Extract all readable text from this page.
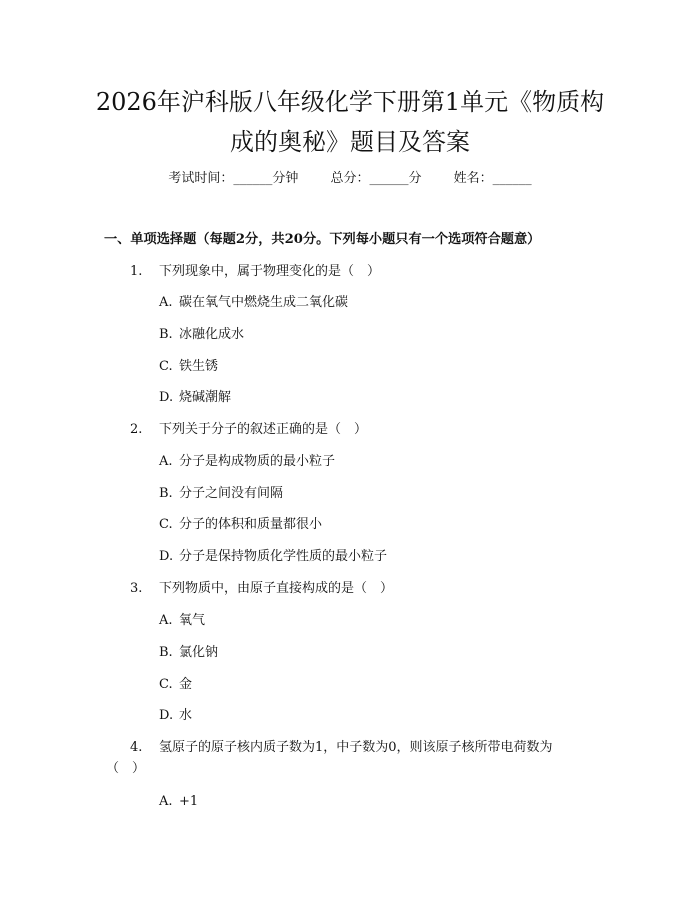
2026年沪科版八年级化学下册第1单元《物质构成的奥秘》题目及答案
考试时间：______分钟 总分：______分 姓名：______
一、单项选择题（每题2分，共20分。下列每小题只有一个选项符合题意）
1. 下列现象中，属于物理变化的是（　）
A. 碳在氧气中燃烧生成二氧化碳
B. 冰融化成水
C. 铁生锈
D. 烧碱潮解
2. 下列关于分子的叙述正确的是（　）
A. 分子是构成物质的最小粒子
B. 分子之间没有间隔
C. 分子的体积和质量都很小
D. 分子是保持物质化学性质的最小粒子
3. 下列物质中，由原子直接构成的是（　）
A. 氧气
B. 氯化钠
C. 金
D. 水
4. 氢原子的原子核内质子数为1，中子数为0，则该原子核所带电荷数为
（　）
A. +1
